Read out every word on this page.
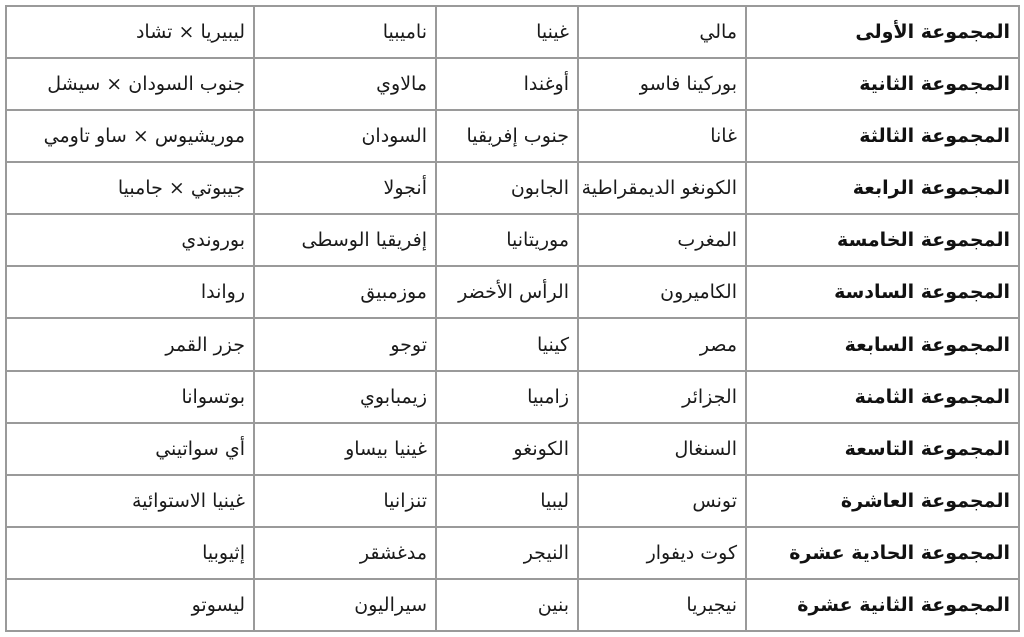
المجموعة الأولى	مالي	غينيا	ناميبيا	ليبيريا × تشاد
المجموعة الثانية	بوركينا فاسو	أوغندا	مالاوي	جنوب السودان × سيشل
المجموعة الثالثة	غانا	جنوب إفريقيا	السودان	موريشيوس × ساو تاومي
المجموعة الرابعة	الكونغو الديمقراطية	الجابون	أنجولا	جيبوتي × جامبيا
المجموعة الخامسة	المغرب	موريتانيا	إفريقيا الوسطى	بوروندي
المجموعة السادسة	الكاميرون	الرأس الأخضر	موزمبيق	رواندا
المجموعة السابعة	مصر	كينيا	توجو	جزر القمر
المجموعة الثامنة	الجزائر	زامبيا	زيمبابوي	بوتسوانا
المجموعة التاسعة	السنغال	الكونغو	غينيا بيساو	أي سواتيني
المجموعة العاشرة	تونس	ليبيا	تنزانيا	غينيا الاستوائية
المجموعة الحادية عشرة	كوت ديفوار	النيجر	مدغشقر	إثيوبيا
المجموعة الثانية عشرة	نيجيريا	بنين	سيراليون	ليسوتو
